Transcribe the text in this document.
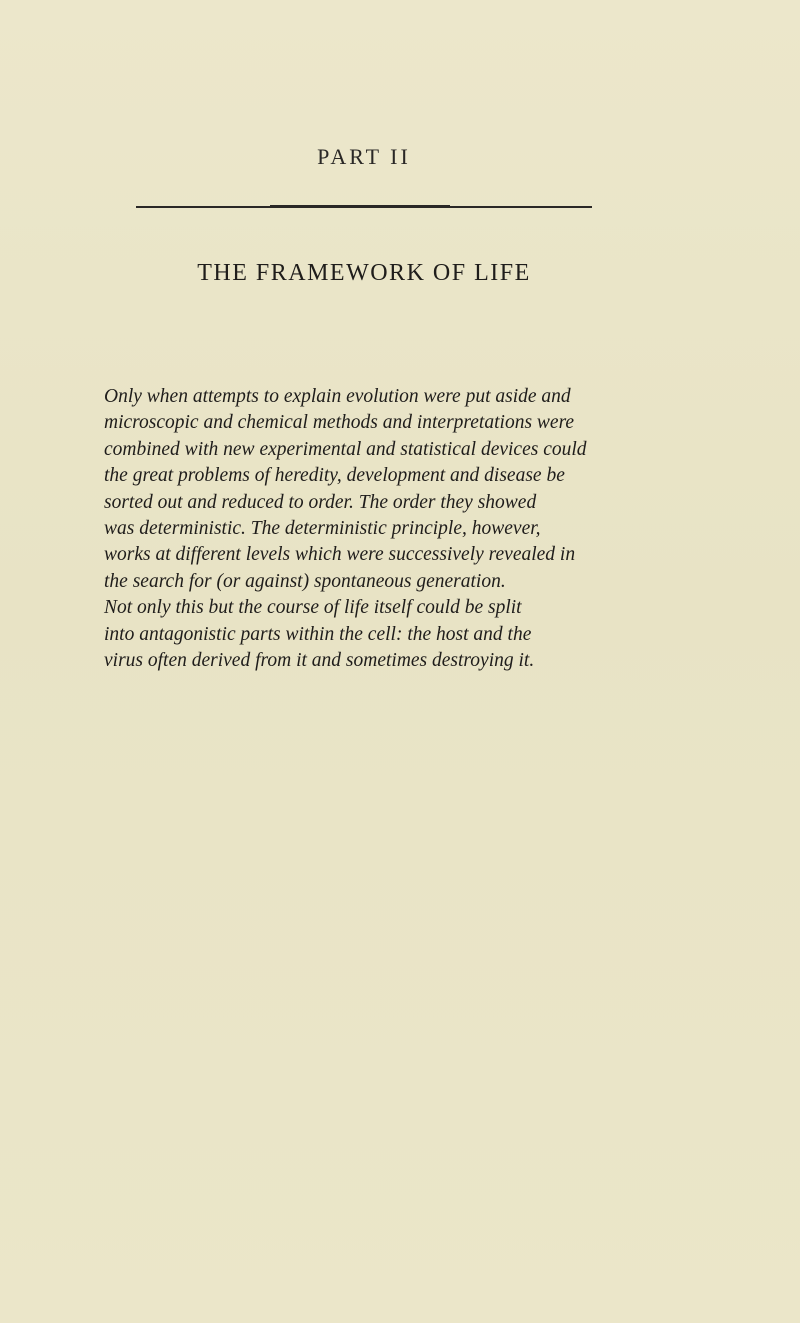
PART II
THE FRAMEWORK OF LIFE
Only when attempts to explain evolution were put aside and
microscopic and chemical methods and interpretations were
combined with new experimental and statistical devices could
the great problems of heredity, development and disease be
sorted out and reduced to order. The order they showed
was deterministic. The deterministic principle, however,
works at different levels which were successively revealed in
the search for (or against) spontaneous generation.
Not only this but the course of life itself could be split
into antagonistic parts within the cell: the host and the
virus often derived from it and sometimes destroying it.
